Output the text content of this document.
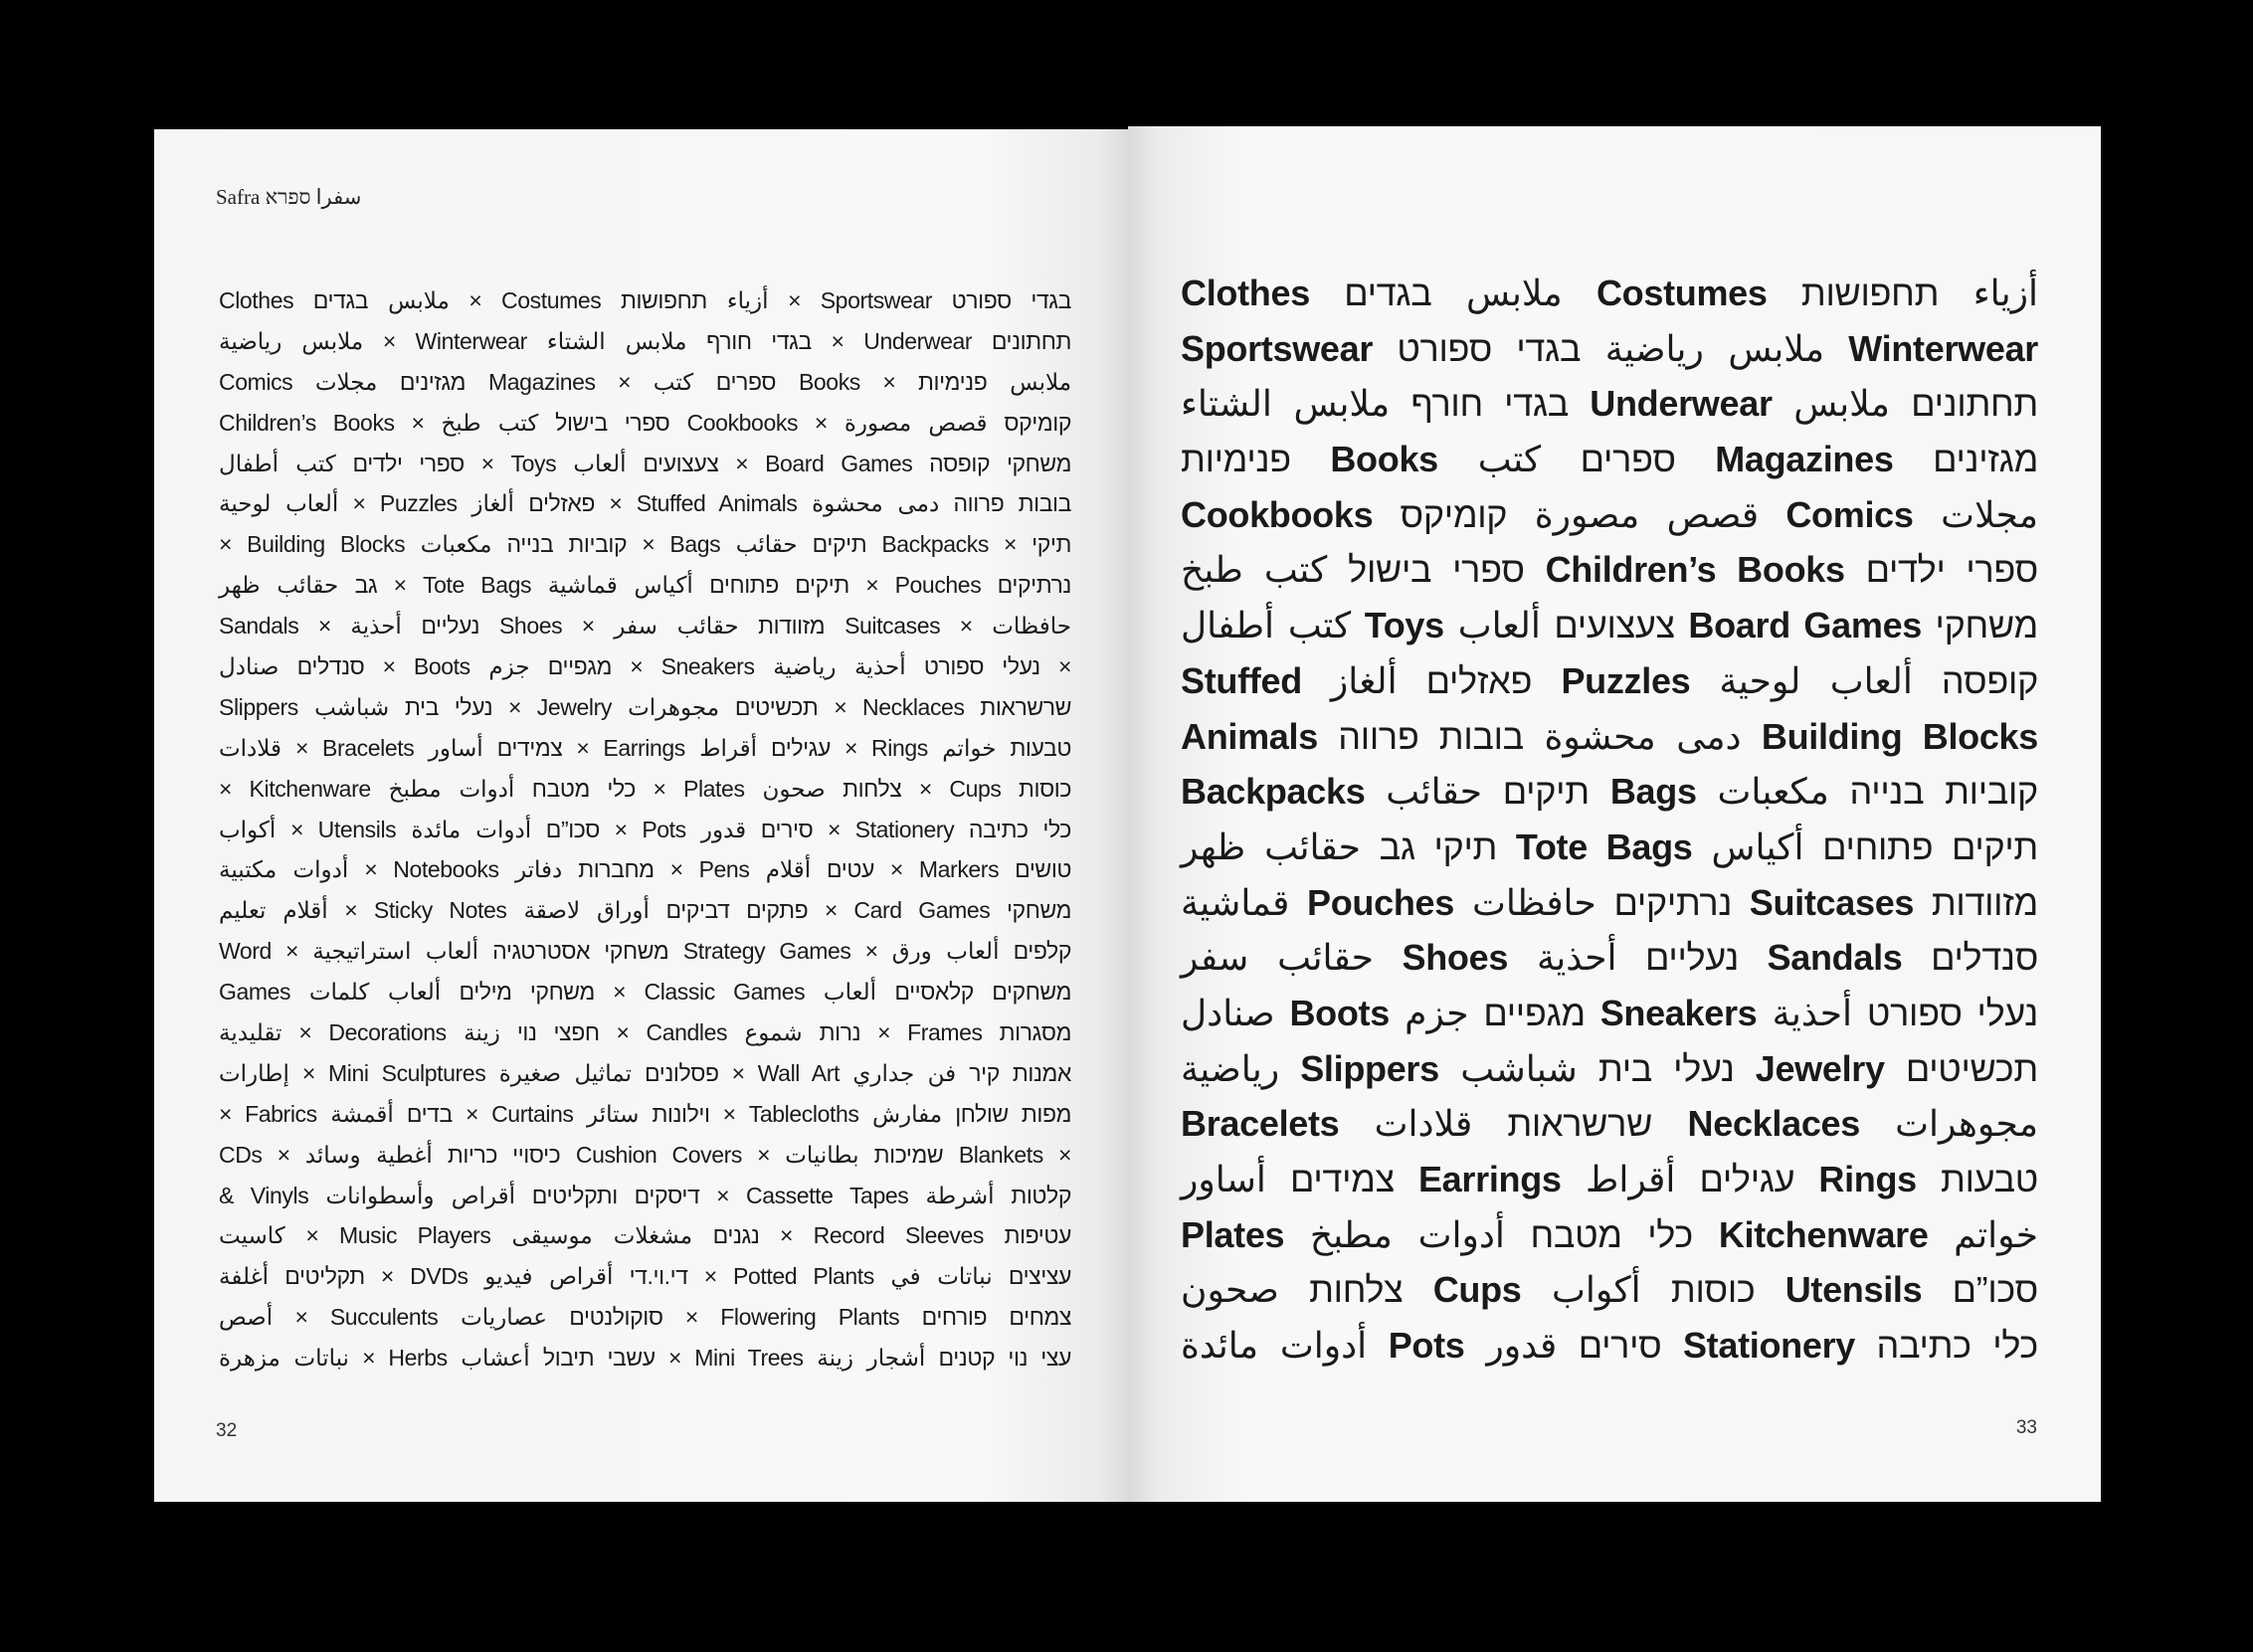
Safra سفرا ספרא
Clothes ملابس בגדים × Costumes أزياء תחפושות × Sportswear בגדי ספורט
תחתונים Underwear × בגדי חורף ملابس الشتاء Winterwear × ملابس رياضية
Comics מגזינים مجلات Magazines × ספרים كتب Books × ملابس פנימיות
Children’s Books × ספרי בישול كتب طبخ Cookbooks × קומיקס قصص مصورة
משחקי קופסה Board Games × צעצועים ألعاب Toys × ספרי ילדים كتب أطفال
בובות פרווה دمى محشوة Stuffed Animals × פאזלים ألغاز Puzzles × ألعاب لوحية
תיקי × Backpacks תיקים حقائب Bags × קוביות בנייה مكعبات Building Blocks ×
נרתיקים Pouches × תיקים פתוחים أكياس قماشية Tote Bags × גב حقائب ظهر
Sandals × נעליים أحذية Shoes × מזוודות حقائب سفر Suitcases × حافظات
× נעלי ספורט أحذية رياضية Sneakers × מגפיים جزم Boots × סנדלים صنادل
שרשראות Necklaces × תכשיטים مجوهرات Jewelry × נעלי בית شباشب Slippers
טבעות خواتم Rings × עגילים أقراط Earrings × צמידים أساور Bracelets × قلادات
כוסות Cups × צלחות صحون Plates × כלי מטבח أدوات مطبخ Kitchenware ×
כלי כתיבה Stationery × סירים قدور Pots × סכו”ם أدوات مائدة Utensils × أكواب
טושים Markers × עטים أقلام Pens × מחברות دفاتر Notebooks × أدوات مكتبية
משחקי Card Games × פתקים דביקים أوراق لاصقة Sticky Notes × أقلام تعليم
Word × משחקי אסטרטגיה ألعاب استراتيجية Strategy Games × קלפים ألعاب ورق
משחקים קלאסיים ألعاب Classic Games × משחקי מילים ألعاب كلمات Games
מסגרות Frames × נרות شموع Candles × חפצי נוי زينة Decorations × تقليدية
אמנות קיר فن جداري Wall Art × פסלונים تماثيل صغيرة Mini Sculptures × إطارات
מפות שולחן مفارش Tablecloths × וילונות ستائر Curtains × בדים أقمشة Fabrics ×
CDs × כיסויי כריות أغطية وسائد Cushion Covers × שמיכות بطانيات Blankets ×
קלטות أشرطة Cassette Tapes × דיסקים ותקליטים أقراص وأسطوانات Vinyls &
עטיפות Record Sleeves × נגנים مشغلات موسيقى Music Players × كاسيت
עציצים نباتات في Potted Plants × די.וי.די أقراص فيديو DVDs × תקליטים أغلفة
צמחים פורחים Flowering Plants × סוקולנטים عصاريات Succulents × أصص
עצי נוי קטנים أشجار زينة Mini Trees × עשבי תיבול أعشاب Herbs × نباتات مزهرة
32
Clothes ملابس בגדים Costumes أزياء תחפושות
Sportswear ملابس رياضية בגדי ספורט Winterwear
תחתונים ملابس Underwear בגדי חורף ملابس الشتاء
מגזינים Magazines ספרים كتب Books פנימיות
مجلات Comics قصص مصورة קומיקס Cookbooks
ספרי ילדים Children’s Books ספרי בישול كتب طبخ
משחקי Board Games צעצועים ألعاب Toys كتب أطفال
Stuffed פאזלים ألغاز Puzzles קופסה ألعاب لوحية
Animals دمى محشوة בובות פרווה Building Blocks
Backpacks תיקים حقائب Bags קוביות בנייה مكعبات
תיקים פתוחים أكياس Tote Bags תיקי גב حقائب ظهر
מזוודות Suitcases נרתיקים حافظات Pouches قماشية
סנדלים Sandals נעליים أحذية Shoes حقائب سفر
נעלי ספורט أحذية Sneakers מגפיים جزم Boots صنادل
תכשיטים Jewelry נעלי בית شباشب Slippers رياضية
Bracelets שרשראות قلادات Necklaces مجوهرات
טבעות Rings עגילים أقراط Earrings צמידים أساور
Plates כלי מטבח أدوات مطبخ Kitchenware خواتم
סכו”ם Utensils כוסות أكواب Cups צלחות صحون
כלי כתיבה Stationery סירים قدور Pots أدوات مائدة
33
